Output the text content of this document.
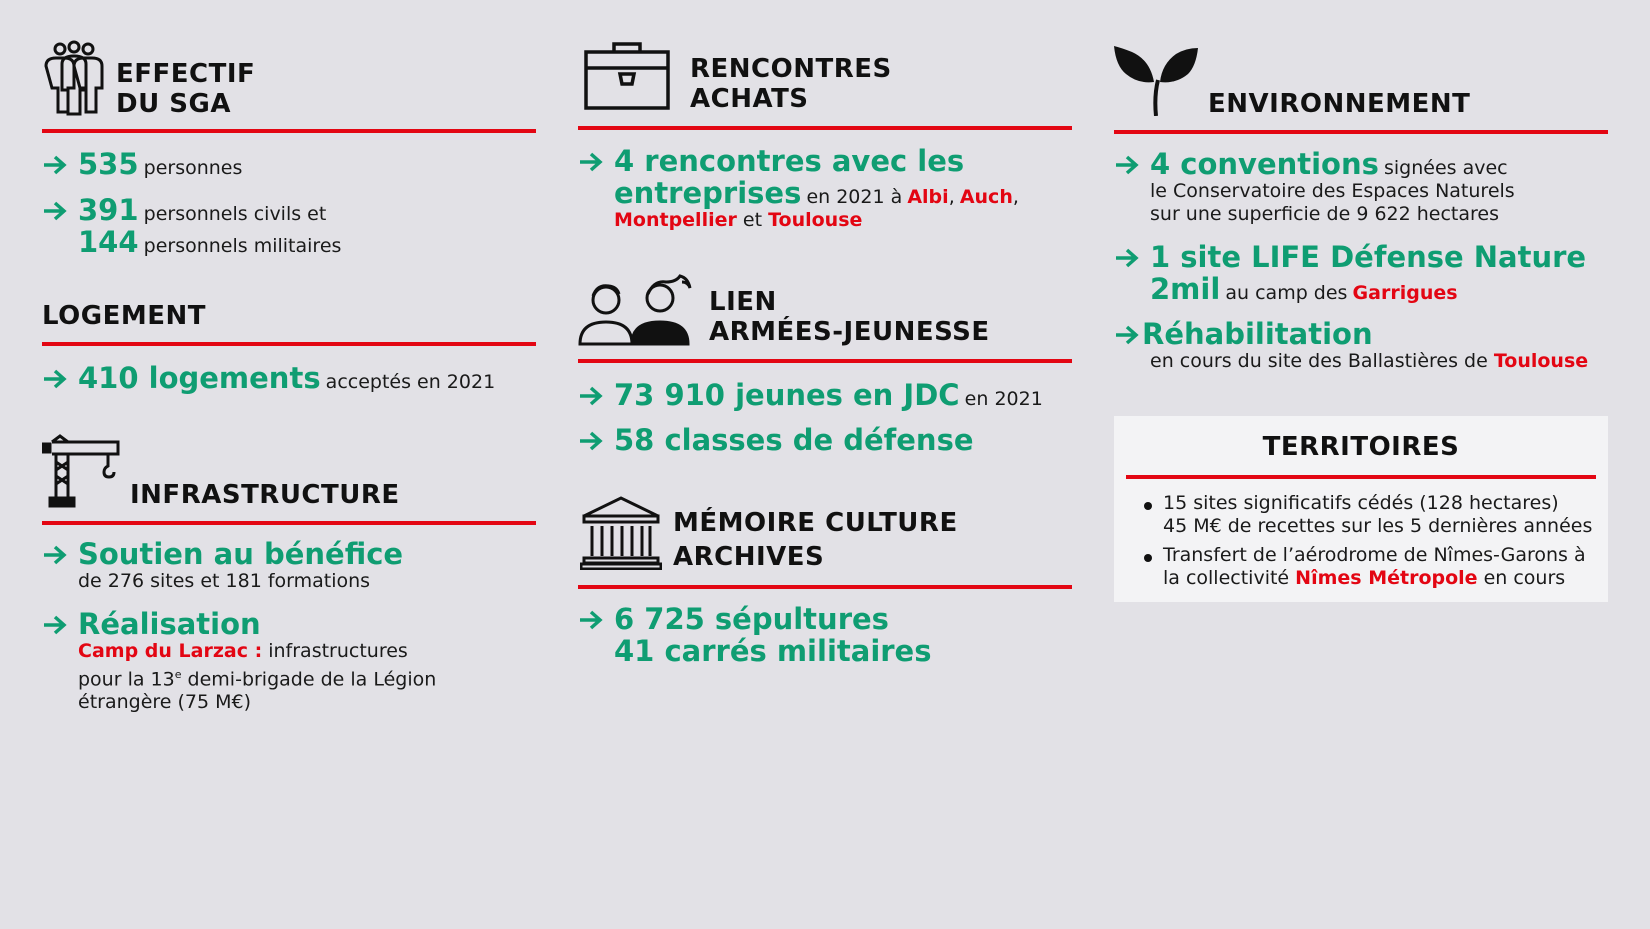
EFFECTIF
DU SGA
535 personnes
391 personnels civils et
144 personnels militaires
LOGEMENT
410 logements acceptés en 2021
INFRASTRUCTURE
Soutien au bénéfice
de 276 sites et 181 formations
Réalisation
Camp du Larzac : infrastructures
pour la 13e demi-brigade de la Légion
étrangère (75 M€)
RENCONTRES
ACHATS
4 rencontres avec les
entreprises en 2021 à Albi, Auch,
Montpellier et Toulouse
LIEN
ARMÉES-JEUNESSE
73 910 jeunes en JDC en 2021
58 classes de défense
MÉMOIRE CULTURE
ARCHIVES
6 725 sépultures
41 carrés militaires
ENVIRONNEMENT
4 conventions signées avec
le Conservatoire des Espaces Naturels
sur une superficie de 9 622 hectares
1 site LIFE Défense Nature
2mil au camp des Garrigues
Réhabilitation
en cours du site des Ballastières de Toulouse
TERRITOIRES
15 sites significatifs cédés (128 hectares)
45 M€ de recettes sur les 5 dernières années
Transfert de l’aérodrome de Nîmes-Garons à
la collectivité Nîmes Métropole en cours
